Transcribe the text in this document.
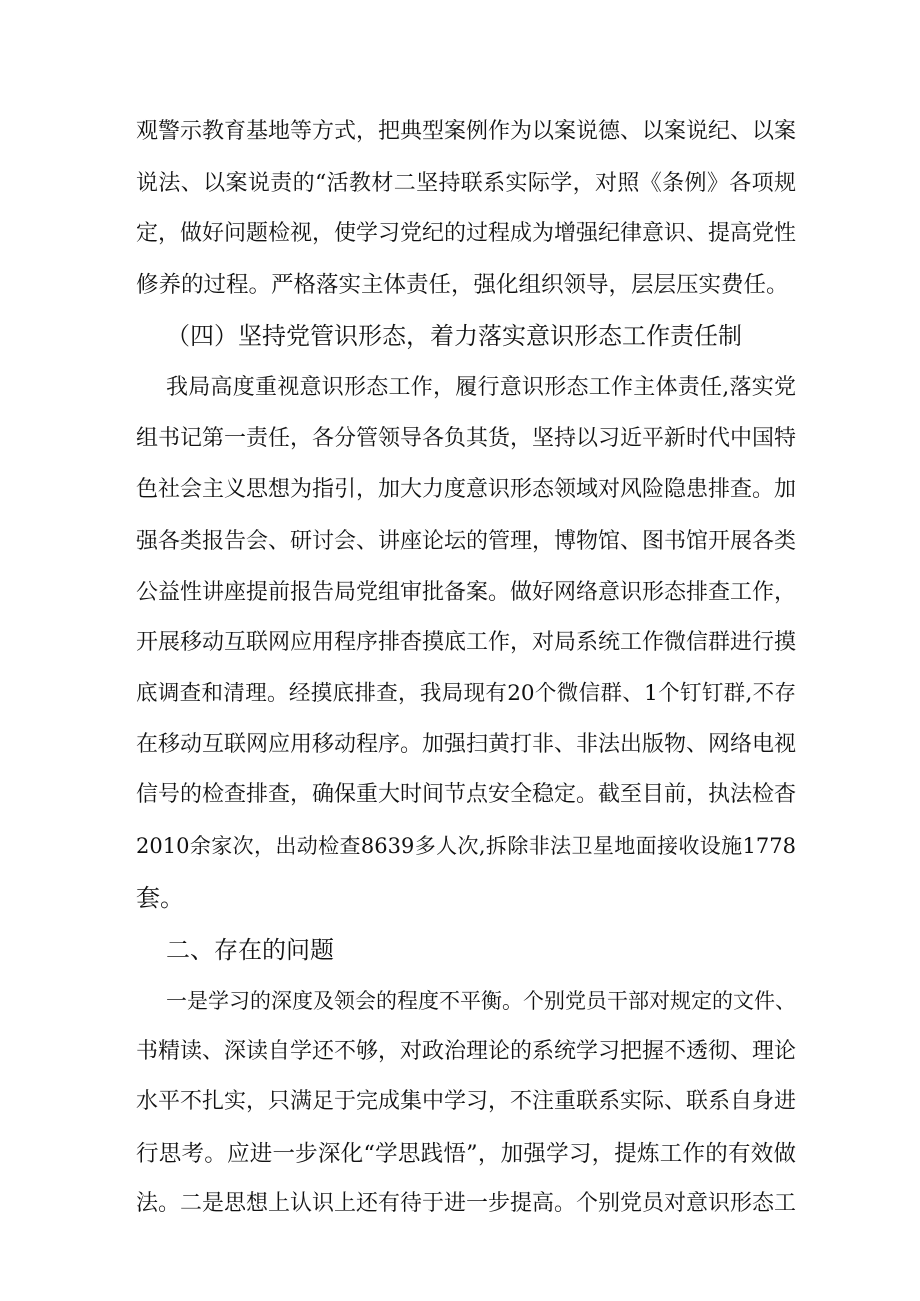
观警示教育基地等方式，把典型案例作为以案说德、以案说纪、以案
说法、以案说责的“活教材二坚持联系实际学，对照《条例》各项规
定，做好问题检视，使学习党纪的过程成为增强纪律意识、提高党性
修养的过程。严格落实主体责任，强化组织领导，层层压实费任。
（四）坚持党管识形态，着力落实意识形态工作责任制
我局高度重视意识形态工作，履行意识形态工作主体责任,落实党
组书记第一责任，各分管领导各负其货，坚持以习近平新时代中国特
色社会主义思想为指引，加大力度意识形态领域对风险隐患排查。加
强各类报告会、研讨会、讲座论坛的管理，博物馆、图书馆开展各类
公益性讲座提前报告局党组审批备案。做好网络意识形态排查工作，
开展移动互联网应用程序排杳摸底工作，对局系统工作微信群进行摸
底调查和清理。经摸底排查，我局现有20个微信群、1个钉钉群,不存
在移动互联网应用移动程序。加强扫黄打非、非法出版物、网络电视
信号的检查排查，确保重大时间节点安全稳定。截至目前，执法检杳
2010余家次，出动检查8639多人次,拆除非法卫星地面接收设施1778
套。
二、存在的问题
一是学习的深度及领会的程度不平衡。个别党员干部对规定的文件、
书精读、深读自学还不够，对政治理论的系统学习把握不透彻、理论
水平不扎实，只满足于完成集中学习，不注重联系实际、联系自身进
行思考。应进一步深化“学思践悟”，加强学习，提炼工作的有效做
法。二是思想上认识上还有待于进一步提高。个别党员对意识形态工
